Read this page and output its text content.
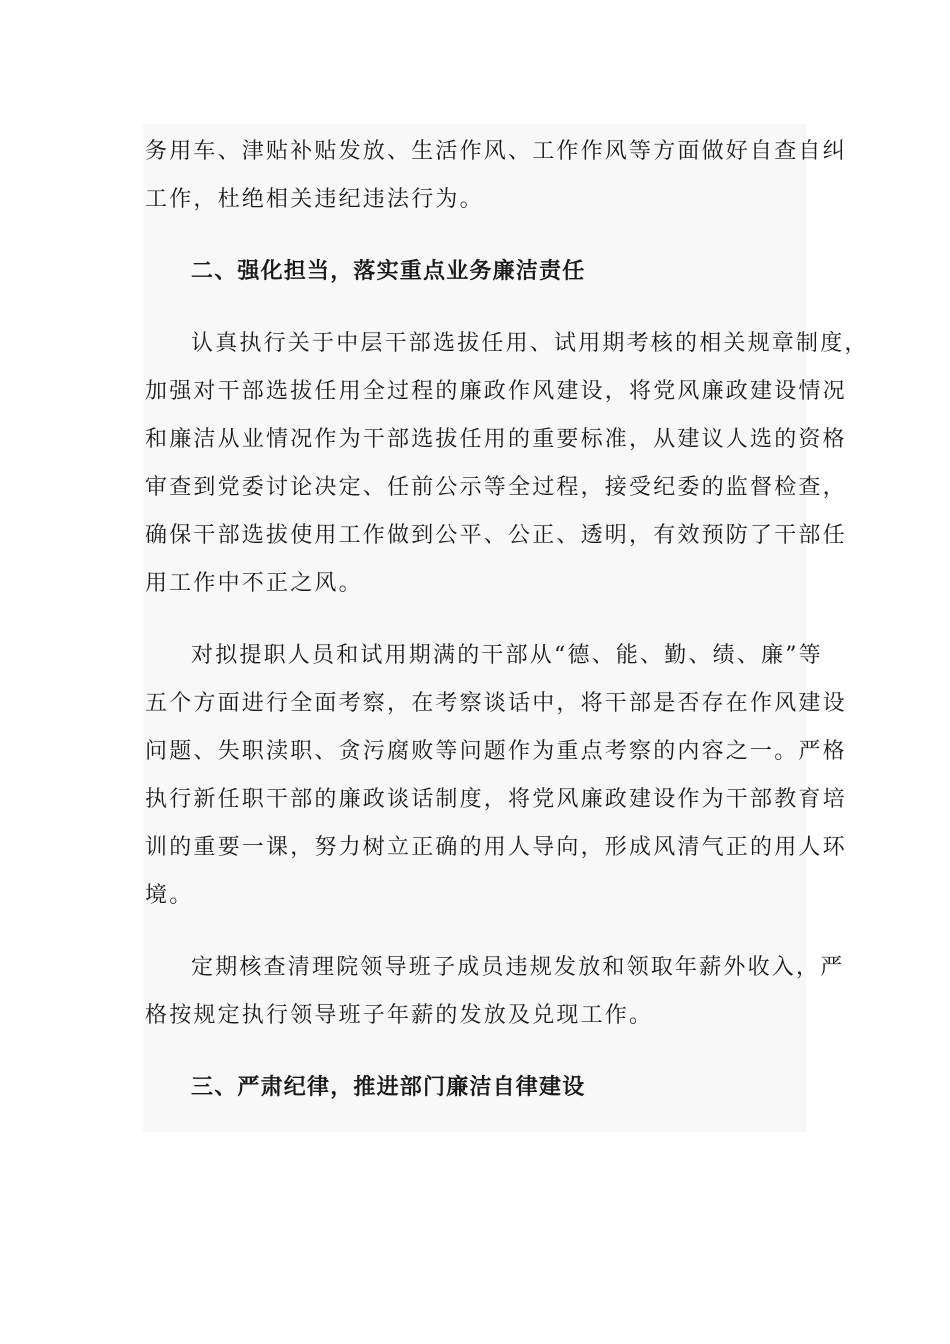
务用车、津贴补贴发放、生活作风、工作作风等方面做好自查自纠
工作，杜绝相关违纪违法行为。
二、强化担当，落实重点业务廉洁责任
认真执行关于中层干部选拔任用、试用期考核的相关规章制度，
加强对干部选拔任用全过程的廉政作风建设，将党风廉政建设情况
和廉洁从业情况作为干部选拔任用的重要标准，从建议人选的资格
审查到党委讨论决定、任前公示等全过程，接受纪委的监督检查，
确保干部选拔使用工作做到公平、公正、透明，有效预防了干部任
用工作中不正之风。
对拟提职人员和试用期满的干部从“德、能、勤、绩、廉”等
五个方面进行全面考察，在考察谈话中，将干部是否存在作风建设
问题、失职渎职、贪污腐败等问题作为重点考察的内容之一。严格
执行新任职干部的廉政谈话制度，将党风廉政建设作为干部教育培
训的重要一课，努力树立正确的用人导向，形成风清气正的用人环
境。
定期核查清理院领导班子成员违规发放和领取年薪外收入，严
格按规定执行领导班子年薪的发放及兑现工作。
三、严肃纪律，推进部门廉洁自律建设
